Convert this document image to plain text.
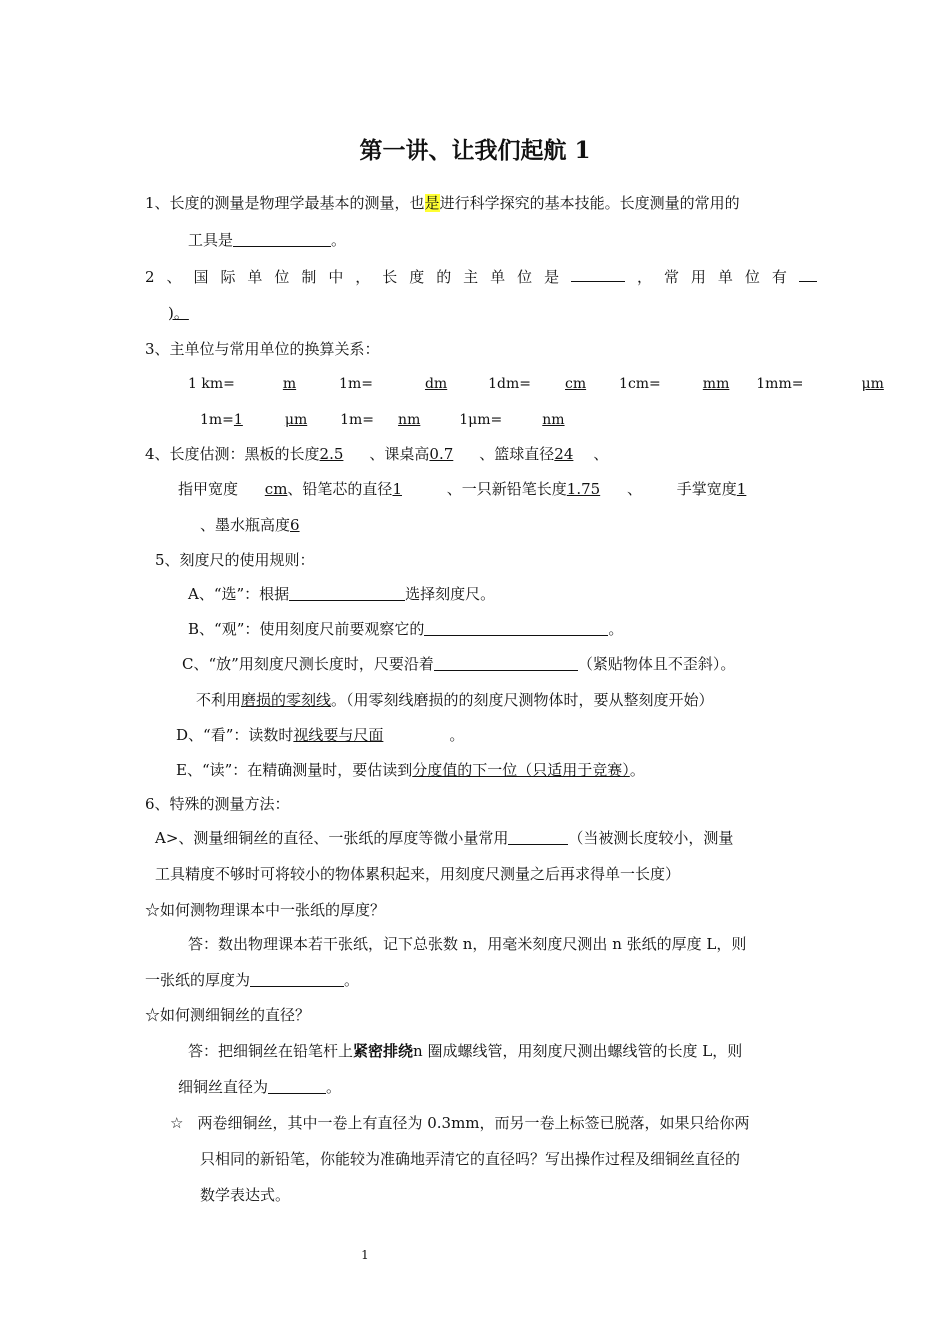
第一讲、让我们起航 1
1、长度的测量是物理学最基本的测量，也是进行科学探究的基本技能。长度测量的常用的
工具是	。
2 、 国 际 单 位 制 中 ， 长 度 的 主 单 位 是	， 常 用 单 位 有
)。
3、主单位与常用单位的换算关系：
1 km=	m	1m=	dm	1dm= cm 1cm=	mm 1mm=	μm
1m=1	μm 1m= nm	1μm=	nm
4、长度估测：黑板的长度2.5 、课桌高0.7 、篮球直径24 、
指甲宽度 cm、铅笔芯的直径1	、一只新铅笔长度1.75 、 手掌宽度1
、墨水瓶高度6
5、刻度尺的使用规则：
A、“选”：根据	选择刻度尺。
B、“观”：使用刻度尺前要观察它的	。
C、“放”用刻度尺测长度时，尺要沿着	（紧贴物体且不歪斜）。
不利用磨损的零刻线。（用零刻线磨损的的刻度尺测物体时，要从整刻度开始）
D、“看”：读数时视线要与尺面	。
E、“读”：在精确测量时，要估读到分度值的下一位（只适用于竞赛）。
6、特殊的测量方法：
A>、测量细铜丝的直径、一张纸的厚度等微小量常用	（当被测长度较小，测量
工具精度不够时可将较小的物体累积起来，用刻度尺测量之后再求得单一长度）
☆如何测物理课本中一张纸的厚度？
答：数出物理课本若干张纸，记下总张数 n，用毫米刻度尺测出 n 张纸的厚度 L，则
一张纸的厚度为	。
☆如何测细铜丝的直径？
答：把细铜丝在铅笔杆上紧密排绕n 圈成螺线管，用刻度尺测出螺线管的长度 L，则
细铜丝直径为	。
☆ 两卷细铜丝，其中一卷上有直径为 0.3mm，而另一卷上标签已脱落，如果只给你两
只相同的新铅笔，你能较为准确地弄清它的直径吗？写出操作过程及细铜丝直径的
数学表达式。
1
